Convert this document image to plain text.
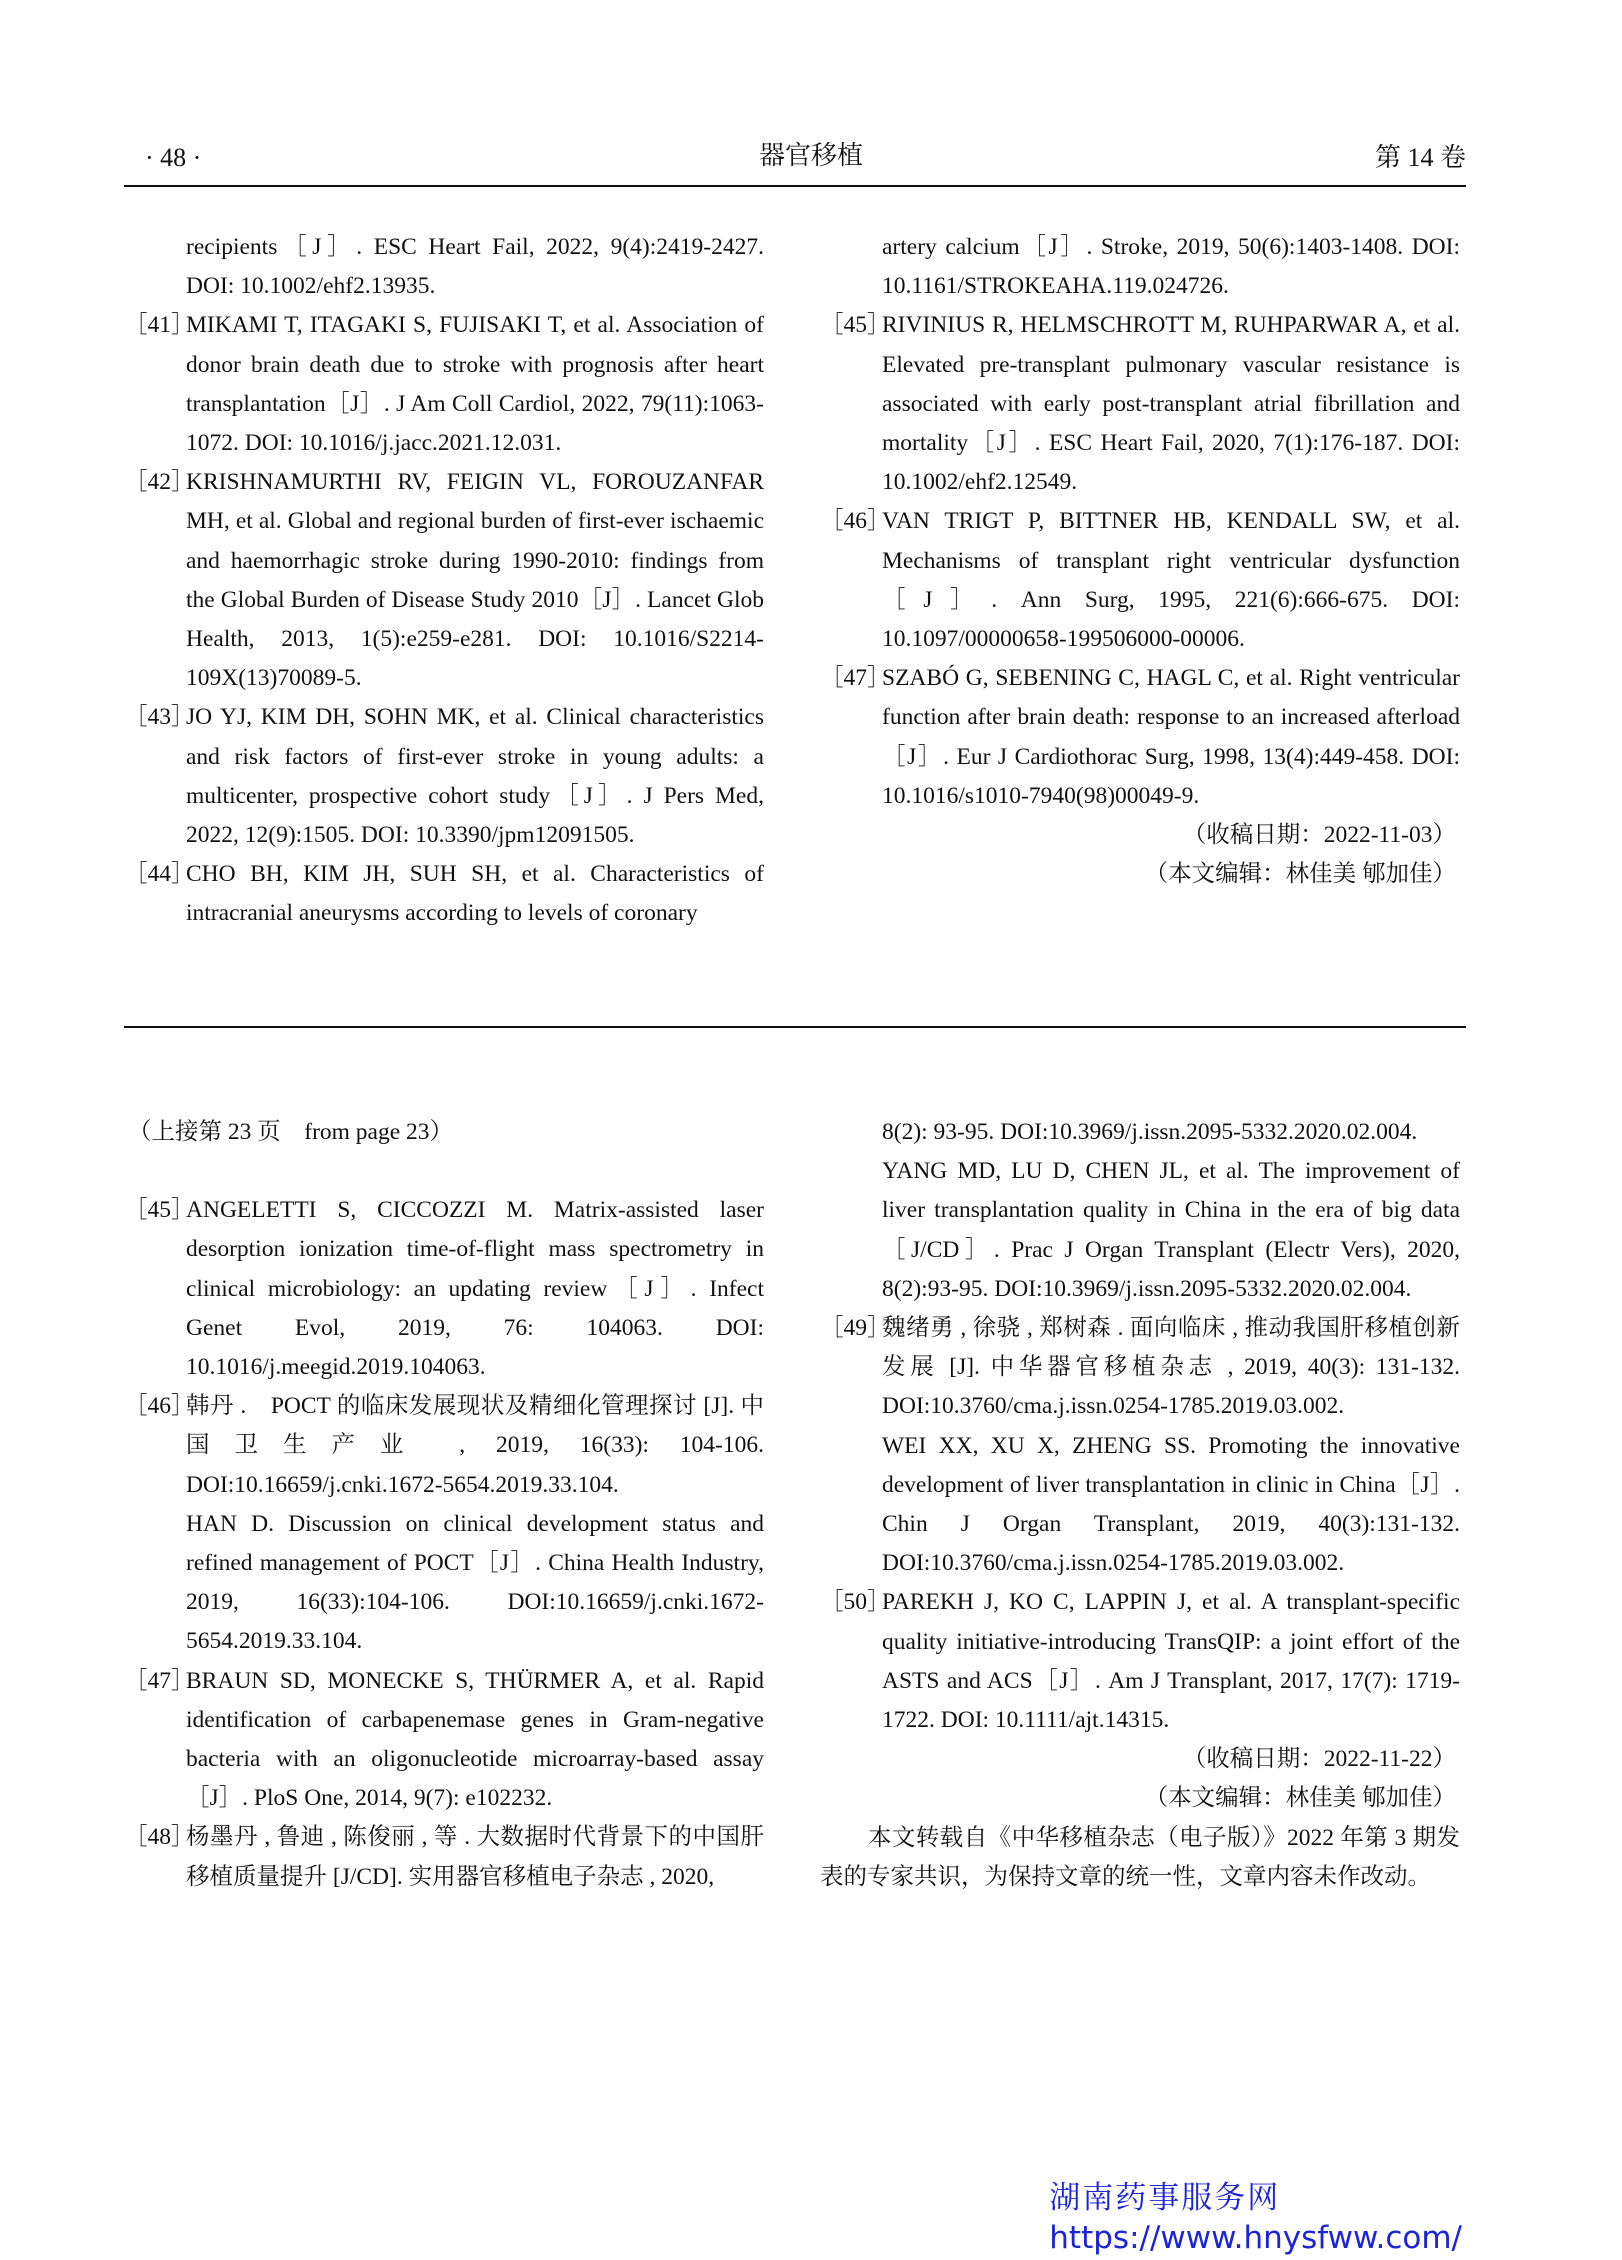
· 48 ·	器官移植	第 14 卷
recipients［J］. ESC Heart Fail, 2022, 9(4):2419-2427. DOI: 10.1002/ehf2.13935.
［41］
MIKAMI T, ITAGAKI S, FUJISAKI T, et al. Association of donor brain death due to stroke with prognosis after heart transplantation［J］. J Am Coll Cardiol, 2022, 79(11):1063-1072. DOI: 10.1016/j.jacc.2021.12.031.
［42］
KRISHNAMURTHI RV, FEIGIN VL, FOROUZANFAR MH, et al. Global and regional burden of first-ever ischaemic and haemorrhagic stroke during 1990-2010: findings from the Global Burden of Disease Study 2010［J］. Lancet Glob Health, 2013, 1(5):e259-e281. DOI: 10.1016/S2214-109X(13)70089-5.
［43］
JO YJ, KIM DH, SOHN MK, et al. Clinical characteristics and risk factors of first-ever stroke in young adults: a multicenter, prospective cohort study［J］. J Pers Med, 2022, 12(9):1505. DOI: 10.3390/jpm12091505.
［44］
CHO BH, KIM JH, SUH SH, et al. Characteristics of intracranial aneurysms according to levels of coronary
artery calcium［J］. Stroke, 2019, 50(6):1403-1408. DOI: 10.1161/STROKEAHA.119.024726.
［45］
RIVINIUS R, HELMSCHROTT M, RUHPARWAR A, et al. Elevated pre-transplant pulmonary vascular resistance is associated with early post-transplant atrial fibrillation and mortality［J］. ESC Heart Fail, 2020, 7(1):176-187. DOI: 10.1002/ehf2.12549.
［46］
VAN TRIGT P, BITTNER HB, KENDALL SW, et al. Mechanisms of transplant right ventricular dysfunction［J］. Ann Surg, 1995, 221(6):666-675. DOI: 10.1097/00000658-199506000-00006.
［47］
SZABÓ G, SEBENING C, HAGL C, et al. Right ventricular function after brain death: response to an increased afterload［J］. Eur J Cardiothorac Surg, 1998, 13(4):449-458. DOI: 10.1016/s1010-7940(98)00049-9.
（收稿日期：2022-11-03）
（本文编辑：林佳美 郇加佳）
（上接第 23 页　from page 23）
［45］
ANGELETTI S, CICCOZZI M. Matrix-assisted laser desorption ionization time-of-flight mass spectrometry in clinical microbiology: an updating review［J］. Infect Genet Evol, 2019, 76: 104063. DOI: 10.1016/j.meegid.2019.104063.
［46］
韩丹 .　POCT 的临床发展现状及精细化管理探讨 [J]. 中国卫生产业 , 2019, 16(33): 104-106. DOI:10.16659/j.cnki.1672-5654.2019.33.104.
HAN D. Discussion on clinical development status and refined management of POCT［J］. China Health Industry, 2019, 16(33):104-106. DOI:10.16659/j.cnki.1672-5654.2019.33.104.
［47］
BRAUN SD, MONECKE S, THÜRMER A, et al. Rapid identification of carbapenemase genes in Gram-negative bacteria with an oligonucleotide microarray-based assay［J］. PloS One, 2014, 9(7): e102232.
［48］
杨墨丹 , 鲁迪 , 陈俊丽 , 等 . 大数据时代背景下的中国肝移植质量提升 [J/CD]. 实用器官移植电子杂志 , 2020,
8(2): 93-95. DOI:10.3969/j.issn.2095-5332.2020.02.004.
YANG MD, LU D, CHEN JL, et al. The improvement of liver transplantation quality in China in the era of big data［J/CD］. Prac J Organ Transplant (Electr Vers), 2020, 8(2):93-95. DOI:10.3969/j.issn.2095-5332.2020.02.004.
［49］
魏绪勇 , 徐骁 , 郑树森 . 面向临床 , 推动我国肝移植创新发展 [J]. 中华器官移植杂志 , 2019, 40(3): 131-132. DOI:10.3760/cma.j.issn.0254-1785.2019.03.002.
WEI XX, XU X, ZHENG SS. Promoting the innovative development of liver transplantation in clinic in China［J］. Chin J Organ Transplant, 2019, 40(3):131-132. DOI:10.3760/cma.j.issn.0254-1785.2019.03.002.
［50］
PAREKH J, KO C, LAPPIN J, et al. A transplant-specific quality initiative-introducing TransQIP: a joint effort of the ASTS and ACS［J］. Am J Transplant, 2017, 17(7): 1719-1722. DOI: 10.1111/ajt.14315.
（收稿日期：2022-11-22）
（本文编辑：林佳美 郇加佳）
本文转载自《中华移植杂志（电子版）》2022 年第 3 期发表的专家共识，为保持文章的统一性，文章内容未作改动。
湖南药事服务网
https://www.hnysfww.com/
